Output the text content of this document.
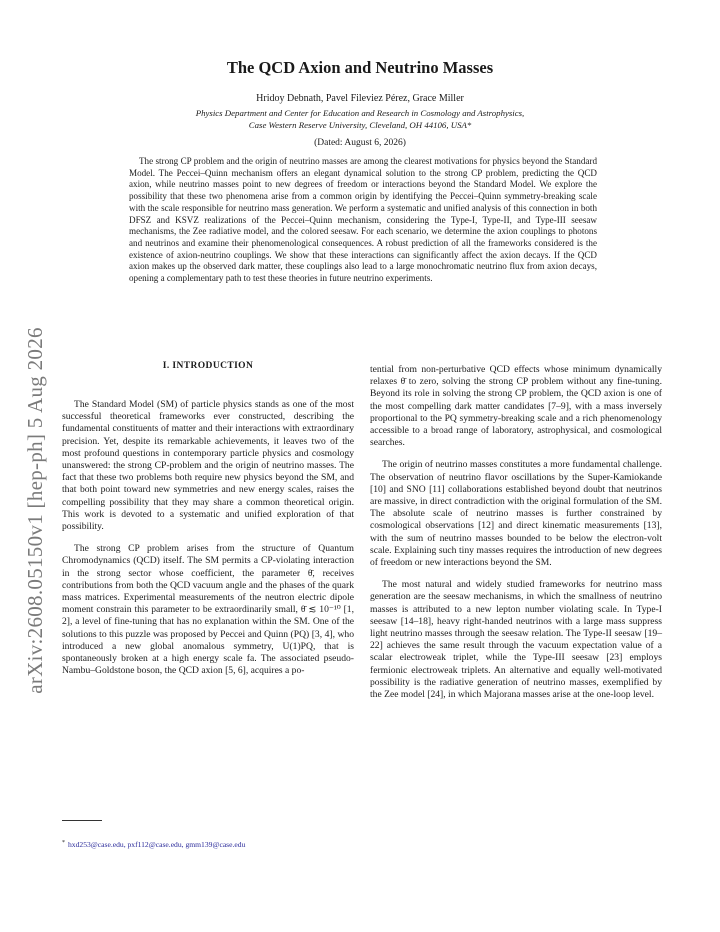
arXiv:2608.05150v1 [hep-ph] 5 Aug 2026
The QCD Axion and Neutrino Masses
Hridoy Debnath, Pavel Fileviez Pérez, Grace Miller
Physics Department and Center for Education and Research in Cosmology and Astrophysics,
Case Western Reserve University, Cleveland, OH 44106, USA*
(Dated: August 6, 2026)

The strong CP problem and the origin of neutrino masses are among the clearest motivations for physics beyond the Standard Model. The Peccei–Quinn mechanism offers an elegant dynamical solution to the strong CP problem, predicting the QCD axion, while neutrino masses point to new degrees of freedom or interactions beyond the Standard Model. We explore the possibility that these two phenomena arise from a common origin by identifying the Peccei–Quinn symmetry-breaking scale with the scale responsible for neutrino mass generation. We perform a systematic and unified analysis of this connection in both DFSZ and KSVZ realizations of the Peccei–Quinn mechanism, considering the Type-I, Type-II, and Type-III seesaw mechanisms, the Zee radiative model, and the colored seesaw. For each scenario, we determine the axion couplings to photons and neutrinos and examine their phenomenological consequences. A robust prediction of all the frameworks considered is the existence of axion-neutrino couplings. We show that these interactions can significantly affect the axion decays. If the QCD axion makes up the observed dark matter, these couplings also lead to a large monochromatic neutrino flux from axion decays, opening a complementary path to test these theories in future neutrino experiments.

I. INTRODUCTION

The Standard Model (SM) of particle physics stands as one of the most successful theoretical frameworks ever constructed, describing the fundamental constituents of matter and their interactions with extraordinary precision. Yet, despite its remarkable achievements, it leaves two of the most profound questions in contemporary particle physics and cosmology unanswered: the strong CP-problem and the origin of neutrino masses. The fact that these two problems both require new physics beyond the SM, and that both point toward new symmetries and new energy scales, raises the compelling possibility that they may share a common theoretical origin. This work is devoted to a systematic and unified exploration of that possibility.

The strong CP problem arises from the structure of Quantum Chromodynamics (QCD) itself. The SM permits a CP-violating interaction in the strong sector whose coefficient, the parameter θ̄, receives contributions from both the QCD vacuum angle and the phases of the quark mass matrices. Experimental measurements of the neutron electric dipole moment constrain this parameter to be extraordinarily small, θ̄ ≲ 10⁻¹⁰ [1, 2], a level of fine-tuning that has no explanation within the SM. One of the solutions to this puzzle was proposed by Peccei and Quinn (PQ) [3, 4], who introduced a new global anomalous symmetry, U(1)PQ, that is spontaneously broken at a high energy scale fa. The associated pseudo-Nambu–Goldstone boson, the QCD axion [5, 6], acquires a po-

tential from non-perturbative QCD effects whose minimum dynamically relaxes θ̄ to zero, solving the strong CP problem without any fine-tuning. Beyond its role in solving the strong CP problem, the QCD axion is one of the most compelling dark matter candidates [7–9], with a mass inversely proportional to the PQ symmetry-breaking scale and a rich phenomenology accessible to a broad range of laboratory, astrophysical, and cosmological searches.

The origin of neutrino masses constitutes a more fundamental challenge. The observation of neutrino flavor oscillations by the Super-Kamiokande [10] and SNO [11] collaborations established beyond doubt that neutrinos are massive, in direct contradiction with the original formulation of the SM. The absolute scale of neutrino masses is further constrained by cosmological observations [12] and direct kinematic measurements [13], with the sum of neutrino masses bounded to be below the electron-volt scale. Explaining such tiny masses requires the introduction of new degrees of freedom or new interactions beyond the SM.

The most natural and widely studied frameworks for neutrino mass generation are the seesaw mechanisms, in which the smallness of neutrino masses is attributed to a new lepton number violating scale. In Type-I seesaw [14–18], heavy right-handed neutrinos with a large mass suppress light neutrino masses through the seesaw relation. The Type-II seesaw [19–22] achieves the same result through the vacuum expectation value of a scalar electroweak triplet, while the Type-III seesaw [23] employs fermionic electroweak triplets. An alternative and equally well-motivated possibility is the radiative generation of neutrino masses, exemplified by the Zee model [24], in which Majorana masses arise at the one-loop level.

* hxd253@case.edu, pxf112@case.edu, gmm139@case.edu
